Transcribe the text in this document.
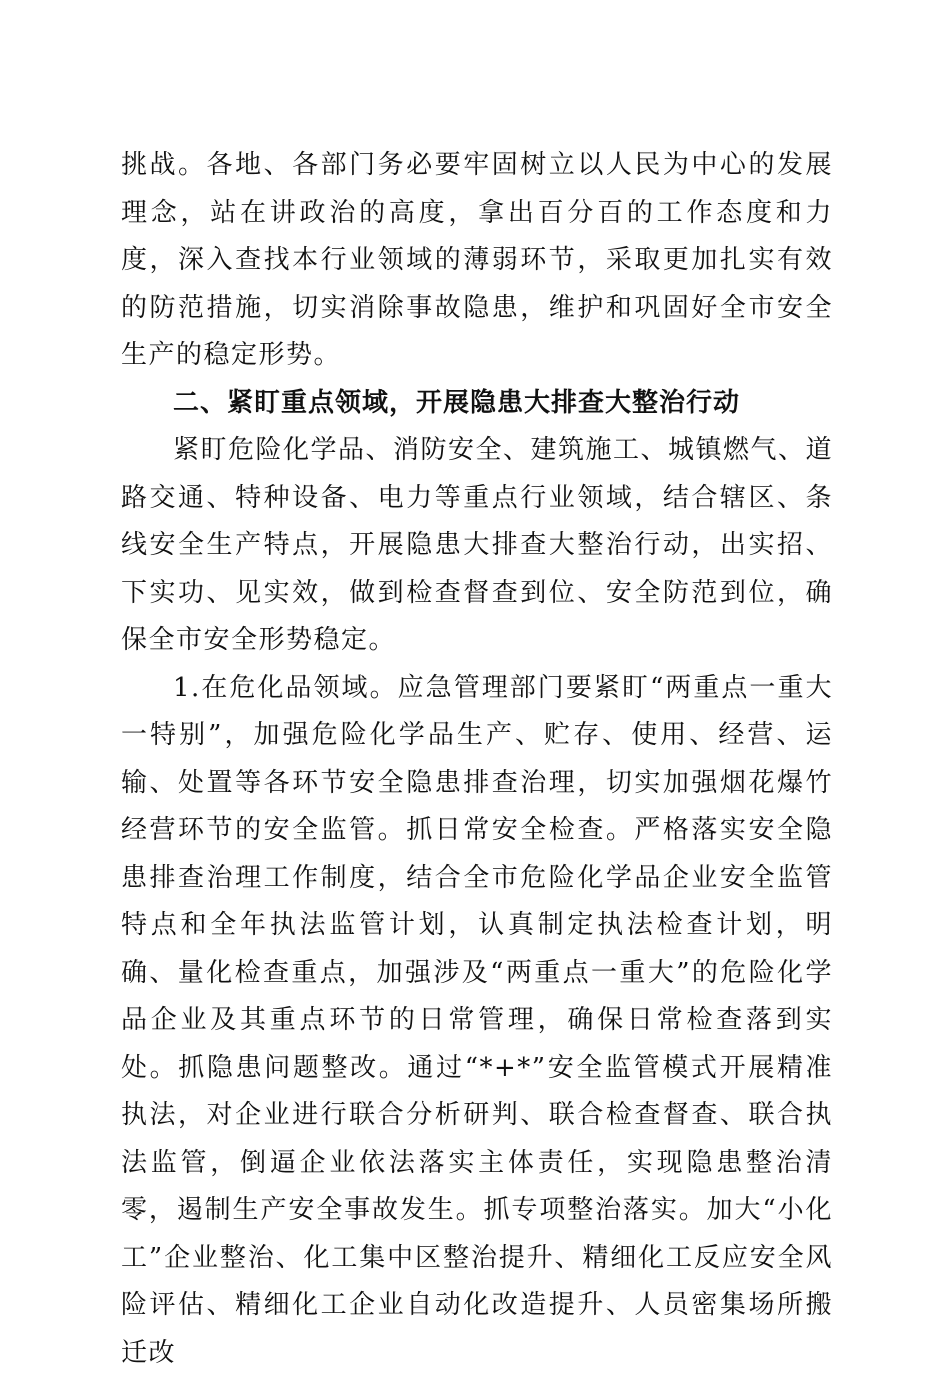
挑战。各地、各部门务必要牢固树立以人民为中心的发展理念，站在讲政治的高度，拿出百分百的工作态度和力度，深入查找本行业领域的薄弱环节，采取更加扎实有效的防范措施，切实消除事故隐患，维护和巩固好全市安全生产的稳定形势。

二、紧盯重点领域，开展隐患大排查大整治行动

紧盯危险化学品、消防安全、建筑施工、城镇燃气、道路交通、特种设备、电力等重点行业领域，结合辖区、条线安全生产特点，开展隐患大排查大整治行动，出实招、下实功、见实效，做到检查督查到位、安全防范到位，确保全市安全形势稳定。

1.在危化品领域。应急管理部门要紧盯“两重点一重大一特别”，加强危险化学品生产、贮存、使用、经营、运输、处置等各环节安全隐患排查治理，切实加强烟花爆竹经营环节的安全监管。抓日常安全检查。严格落实安全隐患排查治理工作制度，结合全市危险化学品企业安全监管特点和全年执法监管计划，认真制定执法检查计划，明确、量化检查重点，加强涉及“两重点一重大”的危险化学品企业及其重点环节的日常管理，确保日常检查落到实处。抓隐患问题整改。通过“*+*”安全监管模式开展精准执法，对企业进行联合分析研判、联合检查督查、联合执法监管，倒逼企业依法落实主体责任，实现隐患整治清零，遏制生产安全事故发生。抓专项整治落实。加大“小化工”企业整治、化工集中区整治提升、精细化工反应安全风险评估、精细化工企业自动化改造提升、人员密集场所搬迁改
